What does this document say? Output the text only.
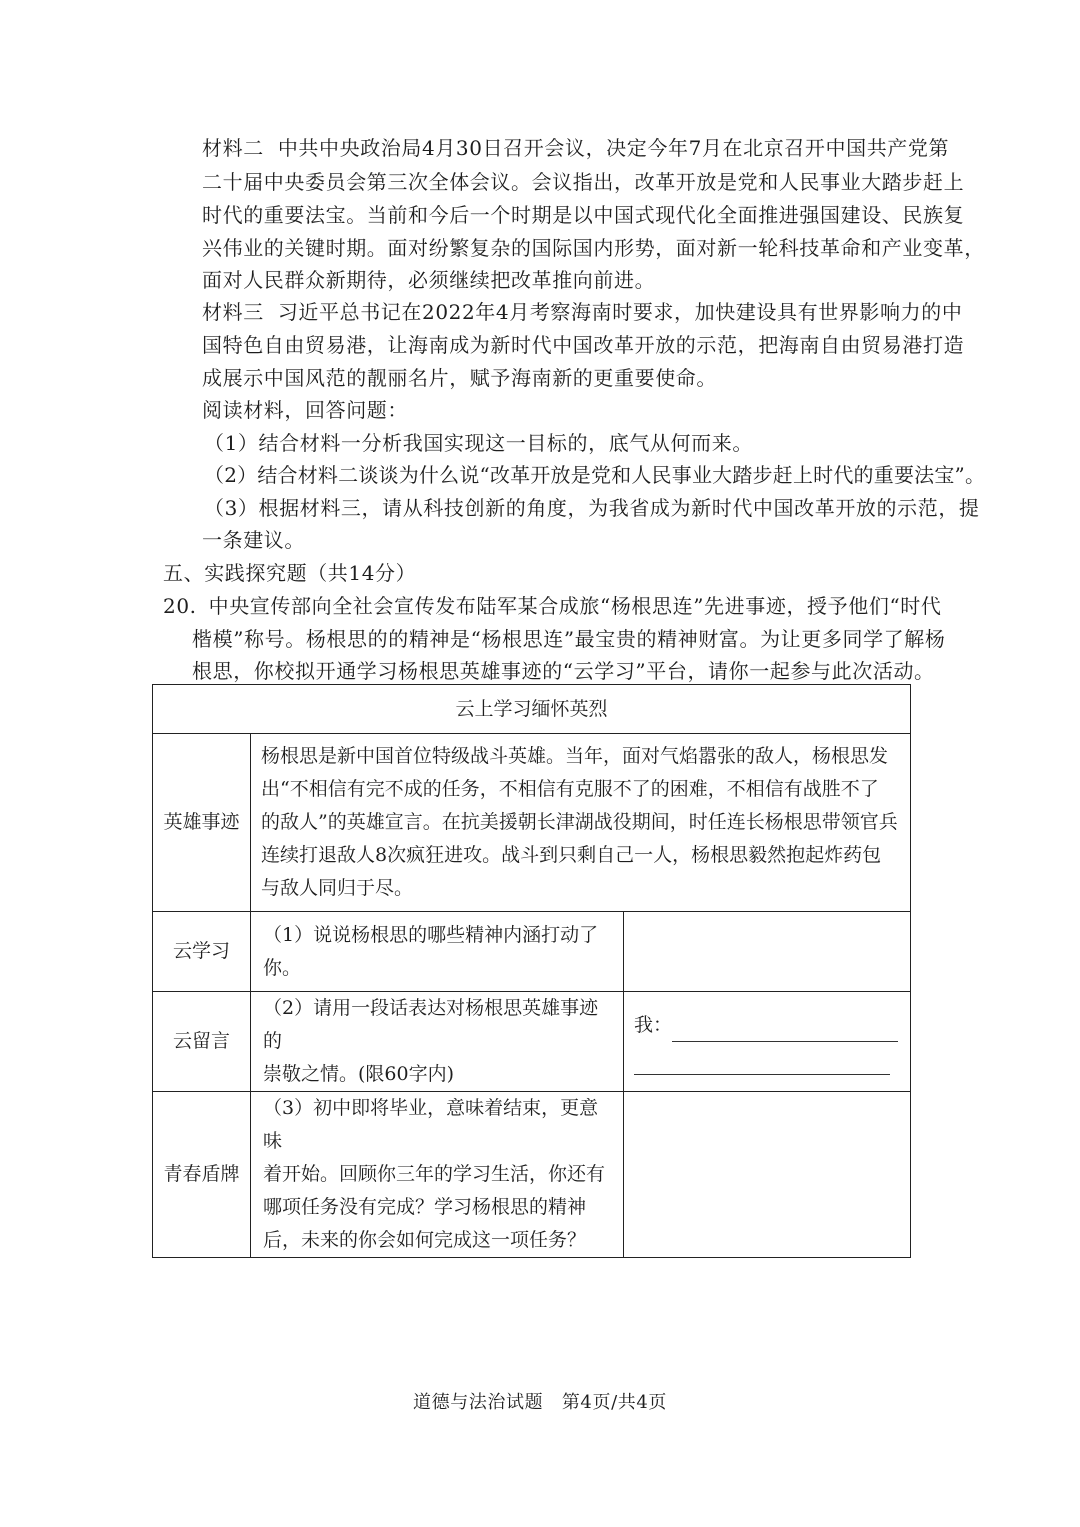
材料二 中共中央政治局4月30日召开会议，决定今年7月在北京召开中国共产党第
二十届中央委员会第三次全体会议。会议指出，改革开放是党和人民事业大踏步赶上
时代的重要法宝。当前和今后一个时期是以中国式现代化全面推进强国建设、民族复
兴伟业的关键时期。面对纷繁复杂的国际国内形势，面对新一轮科技革命和产业变革，
面对人民群众新期待，必须继续把改革推向前进。
材料三 习近平总书记在2022年4月考察海南时要求，加快建设具有世界影响力的中
国特色自由贸易港，让海南成为新时代中国改革开放的示范，把海南自由贸易港打造
成展示中国风范的靓丽名片，赋予海南新的更重要使命。
阅读材料，回答问题：
（1）结合材料一分析我国实现这一目标的，底气从何而来。
（2）结合材料二谈谈为什么说“改革开放是党和人民事业大踏步赶上时代的重要法宝”。
（3）根据材料三，请从科技创新的角度，为我省成为新时代中国改革开放的示范，提
一条建议。
五、实践探究题（共14分）
20. 中央宣传部向全社会宣传发布陆军某合成旅“杨根思连”先进事迹，授予他们“时代
楷模”称号。杨根思的的精神是“杨根思连”最宝贵的精神财富。为让更多同学了解杨
根思，你校拟开通学习杨根思英雄事迹的“云学习”平台，请你一起参与此次活动。
云上学习缅怀英烈		
英雄事迹	杨根思是新中国首位特级战斗英雄。当年，面对气焰嚣张的敌人，杨根思发
出“不相信有完不成的任务，不相信有克服不了的困难，不相信有战胜不了
的敌人”的英雄宣言。在抗美援朝长津湖战役期间，时任连长杨根思带领官兵
连续打退敌人8次疯狂进攻。战斗到只剩自己一人，杨根思毅然抱起炸药包
与敌人同归于尽。	

云学习	（1）说说杨根思的哪些精神内涵打动了
你。	

云留言	（2）请用一段话表达对杨根思英雄事迹的
崇敬之情。(限60字内)	我：

青春盾牌	（3）初中即将毕业，意味着结束，更意味
着开始。回顾你三年的学习生活，你还有
哪项任务没有完成？学习杨根思的精神
后，未来的你会如何完成这一项任务？	

道德与法治试题　第4页/共4页
